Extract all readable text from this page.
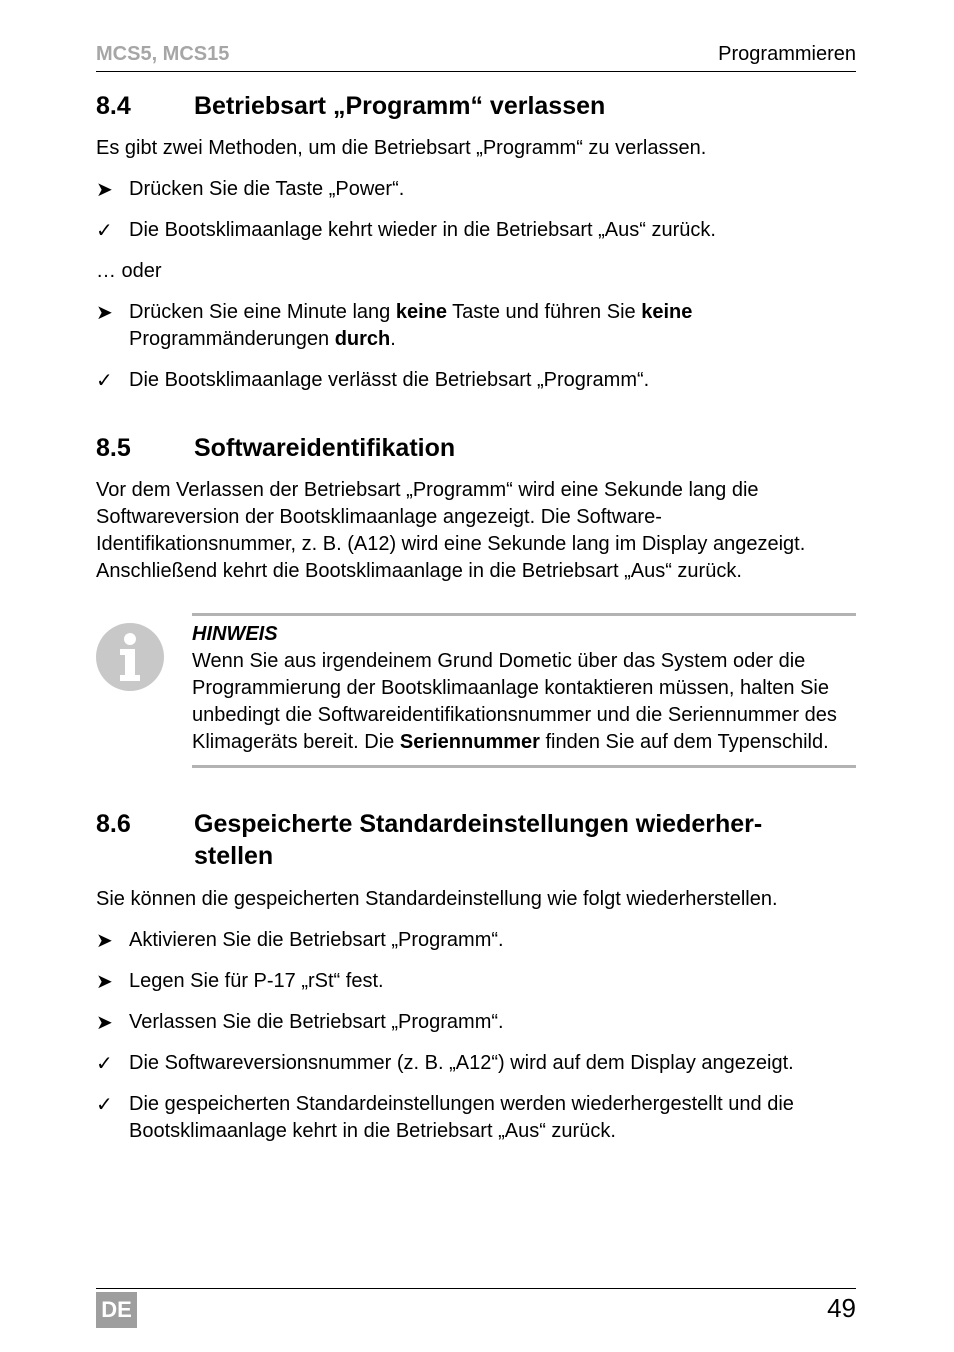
MCS5, MCS15	Programmieren
8.4	Betriebsart „Programm“ verlassen

Es gibt zwei Methoden, um die Betriebsart „Programm“ zu verlassen.

➤ Drücken Sie die Taste „Power“.
✓ Die Bootsklimaanlage kehrt wieder in die Betriebsart „Aus“ zurück.

… oder

➤ Drücken Sie eine Minute lang keine Taste und führen Sie keine Programmänderungen durch.
✓ Die Bootsklimaanlage verlässt die Betriebsart „Programm“.
8.5	Softwareidentifikation

Vor dem Verlassen der Betriebsart „Programm“ wird eine Sekunde lang die Softwareversion der Bootsklimaanlage angezeigt. Die Software-Identifikationsnummer, z. B. (A12) wird eine Sekunde lang im Display angezeigt. Anschließend kehrt die Bootsklimaanlage in die Betriebsart „Aus“ zurück.

HINWEIS
Wenn Sie aus irgendeinem Grund Dometic über das System oder die Programmierung der Bootsklimaanlage kontaktieren müssen, halten Sie unbedingt die Softwareidentifikationsnummer und die Seriennummer des Klimageräts bereit. Die Seriennummer finden Sie auf dem Typenschild.
8.6	Gespeicherte Standardeinstellungen wiederher-
stellen

Sie können die gespeicherten Standardeinstellung wie folgt wiederherstellen.

➤ Aktivieren Sie die Betriebsart „Programm“.
➤ Legen Sie für P-17 „rSt“ fest.
➤ Verlassen Sie die Betriebsart „Programm“.
✓ Die Softwareversionsnummer (z. B. „A12“) wird auf dem Display angezeigt.
✓ Die gespeicherten Standardeinstellungen werden wiederhergestellt und die Bootsklimaanlage kehrt in die Betriebsart „Aus“ zurück.
DE	49
